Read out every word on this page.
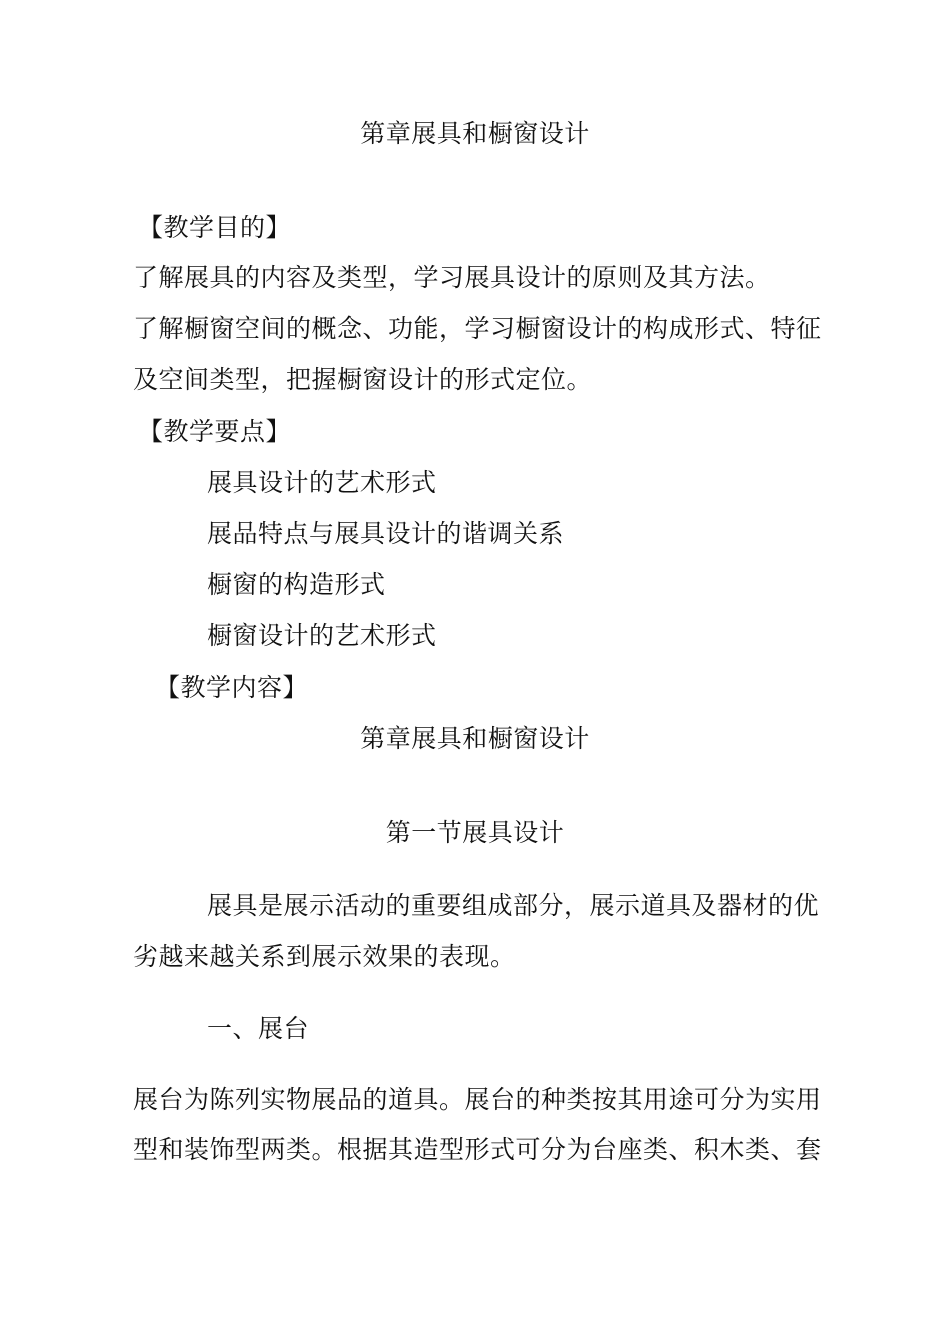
第章展具和橱窗设计
【教学目的】
了解展具的内容及类型，学习展具设计的原则及其方法。
了解橱窗空间的概念、功能，学习橱窗设计的构成形式、特征
及空间类型，把握橱窗设计的形式定位。
【教学要点】
展具设计的艺术形式
展品特点与展具设计的谐调关系
橱窗的构造形式
橱窗设计的艺术形式
【教学内容】
第章展具和橱窗设计
第一节展具设计
展具是展示活动的重要组成部分，展示道具及器材的优
劣越来越关系到展示效果的表现。
一、展台
展台为陈列实物展品的道具。展台的种类按其用途可分为实用
型和装饰型两类。根据其造型形式可分为台座类、积木类、套
